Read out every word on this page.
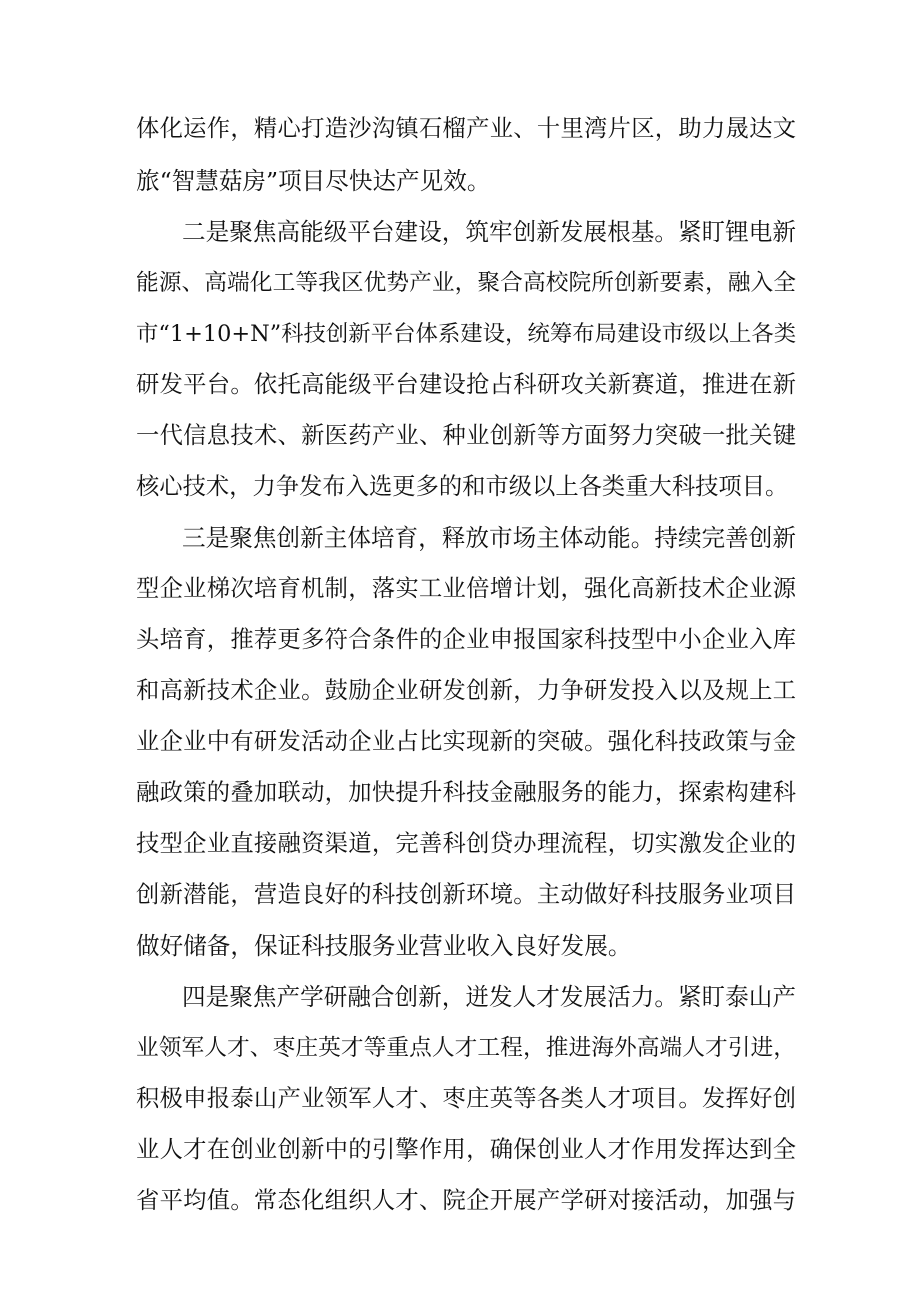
体化运作，精心打造沙沟镇石榴产业、十里湾片区，助力晟达文
旅“智慧菇房”项目尽快达产见效。
二是聚焦高能级平台建设，筑牢创新发展根基。紧盯锂电新
能源、高端化工等我区优势产业，聚合高校院所创新要素，融入全
市“1+10+N”科技创新平台体系建设，统筹布局建设市级以上各类
研发平台。依托高能级平台建设抢占科研攻关新赛道，推进在新
一代信息技术、新医药产业、种业创新等方面努力突破一批关键
核心技术，力争发布入选更多的和市级以上各类重大科技项目。
三是聚焦创新主体培育，释放市场主体动能。持续完善创新
型企业梯次培育机制，落实工业倍增计划，强化高新技术企业源
头培育，推荐更多符合条件的企业申报国家科技型中小企业入库
和高新技术企业。鼓励企业研发创新，力争研发投入以及规上工
业企业中有研发活动企业占比实现新的突破。强化科技政策与金
融政策的叠加联动，加快提升科技金融服务的能力，探索构建科
技型企业直接融资渠道，完善科创贷办理流程，切实激发企业的
创新潜能，营造良好的科技创新环境。主动做好科技服务业项目
做好储备，保证科技服务业营业收入良好发展。
四是聚焦产学研融合创新，迸发人才发展活力。紧盯泰山产
业领军人才、枣庄英才等重点人才工程，推进海外高端人才引进，
积极申报泰山产业领军人才、枣庄英等各类人才项目。发挥好创
业人才在创业创新中的引擎作用，确保创业人才作用发挥达到全
省平均值。常态化组织人才、院企开展产学研对接活动，加强与
